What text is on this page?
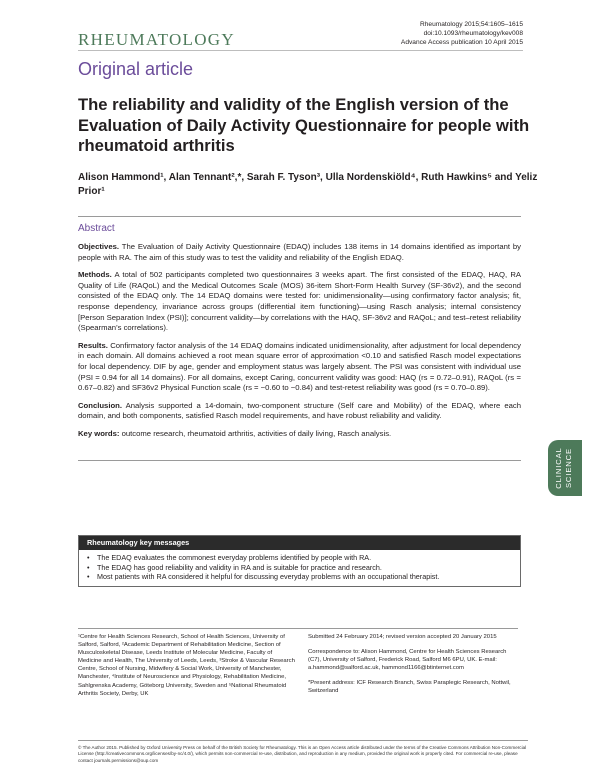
RHEUMATOLOGY
Rheumatology 2015;54:1605–1615
doi:10.1093/rheumatology/kev008
Advance Access publication 10 April 2015
Original article
The reliability and validity of the English version of the Evaluation of Daily Activity Questionnaire for people with rheumatoid arthritis
Alison Hammond¹, Alan Tennant²,*, Sarah F. Tyson³, Ulla Nordenskiöld⁴, Ruth Hawkins⁵ and Yeliz Prior¹
Abstract

Objectives. The Evaluation of Daily Activity Questionnaire (EDAQ) includes 138 items in 14 domains identified as important by people with RA. The aim of this study was to test the validity and reliability of the English EDAQ.

Methods. A total of 502 participants completed two questionnaires 3 weeks apart. The first consisted of the EDAQ, HAQ, RA Quality of Life (RAQoL) and the Medical Outcomes Scale (MOS) 36-item Short-Form Health Survey (SF-36v2), and the second consisted of the EDAQ only. The 14 EDAQ domains were tested for: unidimensionality—using confirmatory factor analysis; fit, response dependency, invariance across groups (differential item functioning)—using Rasch analysis; internal consistency [Person Separation Index (PSI)]; concurrent validity—by correlations with the HAQ, SF-36v2 and RAQoL; and test–retest reliability (Spearman’s correlations).

Results. Confirmatory factor analysis of the 14 EDAQ domains indicated unidimensionality, after adjustment for local dependency in each domain. All domains achieved a root mean square error of approximation <0.10 and satisfied Rasch model expectations for local dependency. DIF by age, gender and employment status was largely absent. The PSI was consistent with individual use (PSI = 0.94 for all 14 domains). For all domains, except Caring, concurrent validity was good: HAQ (rs = 0.72–0.91), RAQoL (rs = 0.67–0.82) and SF36v2 Physical Function scale (rs = −0.60 to −0.84) and test-retest reliability was good (rs = 0.70–0.89).

Conclusion. Analysis supported a 14-domain, two-component structure (Self care and Mobility) of the EDAQ, where each domain, and both components, satisfied Rasch model requirements, and have robust reliability and validity.

Key words: outcome research, rheumatoid arthritis, activities of daily living, Rasch analysis.

CLINICAL SCIENCE
Rheumatology key messages
• The EDAQ evaluates the commonest everyday problems identified by people with RA.
• The EDAQ has good reliability and validity in RA and is suitable for practice and research.
• Most patients with RA considered it helpful for discussing everyday problems with an occupational therapist.
¹Centre for Health Sciences Research, School of Health Sciences, University of Salford, Salford, ²Academic Department of Rehabilitation Medicine, Section of Musculoskeletal Disease, Leeds Institute of Molecular Medicine, Faculty of Medicine and Health, The University of Leeds, Leeds, ³Stroke & Vascular Research Centre, School of Nursing, Midwifery & Social Work, University of Manchester, Manchester, ⁴Institute of Neuroscience and Physiology, Rehabilitation Medicine, Sahlgrenska Academy, Göteborg University, Sweden and ⁵National Rheumatoid Arthritis Society, Derby, UK

Submitted 24 February 2014; revised version accepted 20 January 2015

Correspondence to: Alison Hammond, Centre for Health Sciences Research (C7), University of Salford, Frederick Road, Salford M6 6PU, UK. E-mail: a.hammond@salford.ac.uk, hammond1166@btinternet.com

*Present address: ICF Research Branch, Swiss Paraplegic Research, Nottwil, Switzerland

© The Author 2015. Published by Oxford University Press on behalf of the British Society for Rheumatology. This is an Open Access article distributed under the terms of the Creative Commons Attribution Non-Commercial License (http://creativecommons.org/licenses/by-nc/4.0/), which permits non-commercial re-use, distribution, and reproduction in any medium, provided the original work is properly cited. For commercial re-use, please contact journals.permissions@oup.com
